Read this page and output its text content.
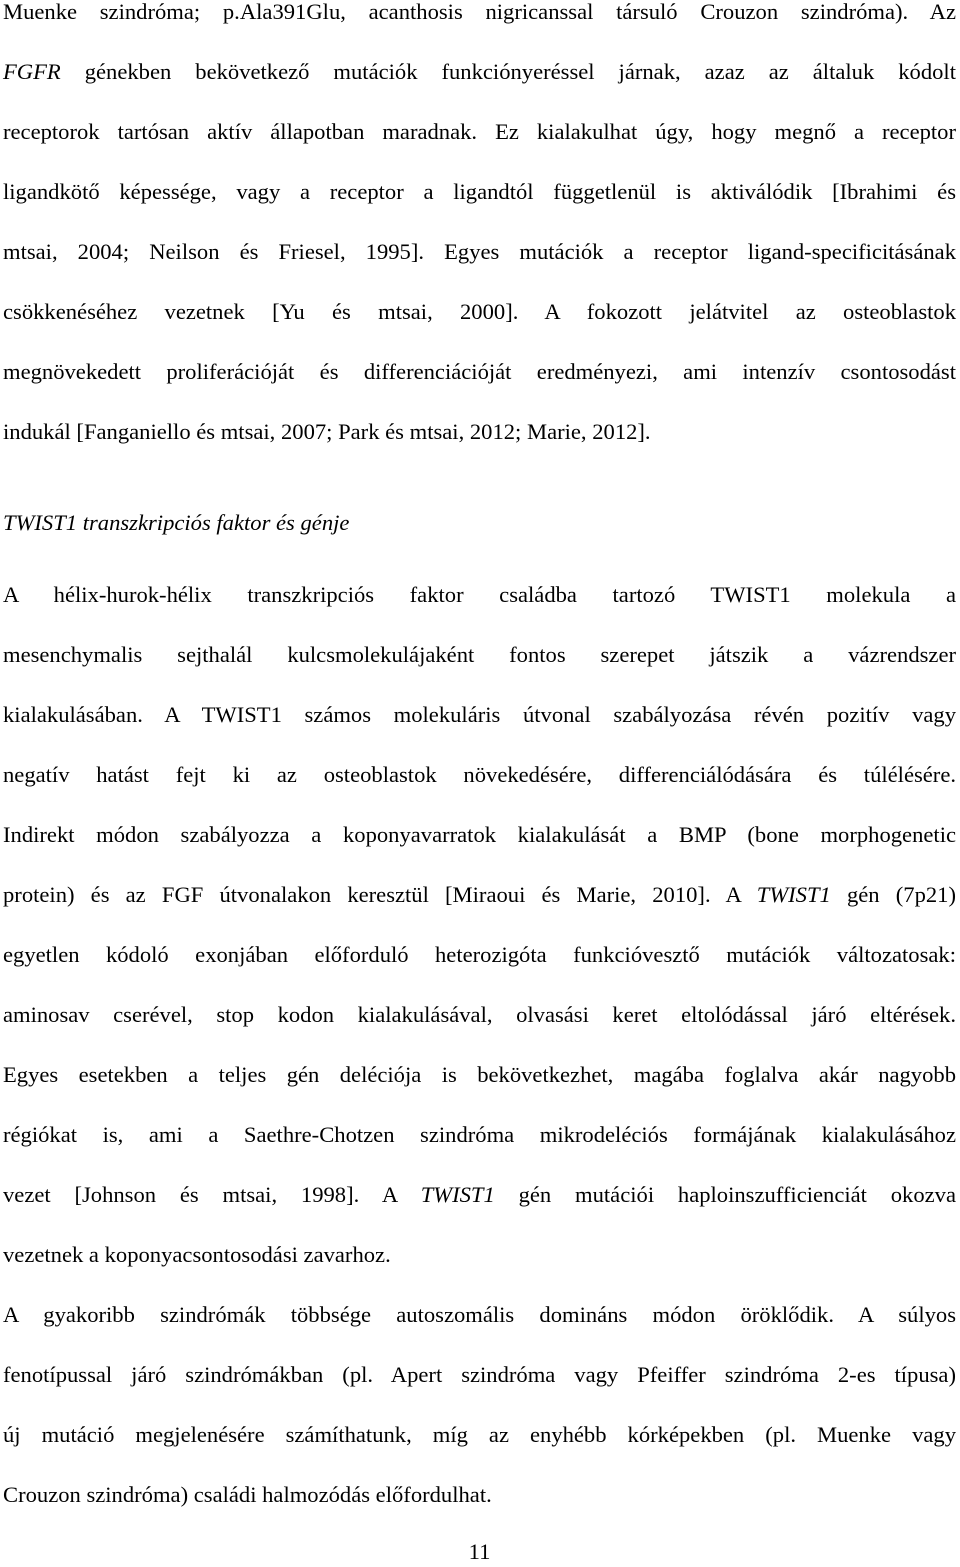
Muenke szindróma; p.Ala391Glu, acanthosis nigricanssal társuló Crouzon szindróma). Az
FGFR génekben bekövetkező mutációk funkciónyeréssel járnak, azaz az általuk kódolt
receptorok tartósan aktív állapotban maradnak. Ez kialakulhat úgy, hogy megnő a receptor
ligandkötő képessége, vagy a receptor a ligandtól függetlenül is aktiválódik [Ibrahimi és
mtsai, 2004; Neilson és Friesel, 1995]. Egyes mutációk a receptor ligand-specificitásának
csökkenéséhez vezetnek [Yu és mtsai, 2000]. A fokozott jelátvitel az osteoblastok
megnövekedett proliferációját és differenciációját eredményezi, ami intenzív csontosodást
indukál [Fanganiello és mtsai, 2007; Park és mtsai, 2012; Marie, 2012].
TWIST1 transzkripciós faktor és génje
A hélix-hurok-hélix transzkripciós faktor családba tartozó TWIST1 molekula a
mesenchymalis sejthalál kulcsmolekulájaként fontos szerepet játszik a vázrendszer
kialakulásában. A TWIST1 számos molekuláris útvonal szabályozása révén pozitív vagy
negatív hatást fejt ki az osteoblastok növekedésére, differenciálódására és túlélésére.
Indirekt módon szabályozza a koponyavarratok kialakulását a BMP (bone morphogenetic
protein) és az FGF útvonalakon keresztül [Miraoui és Marie, 2010]. A TWIST1 gén (7p21)
egyetlen kódoló exonjában előforduló heterozigóta funkcióvesztő mutációk változatosak:
aminosav cserével, stop kodon kialakulásával, olvasási keret eltolódással járó eltérések.
Egyes esetekben a teljes gén deléciója is bekövetkezhet, magába foglalva akár nagyobb
régiókat is, ami a Saethre-Chotzen szindróma mikrodeléciós formájának kialakulásához
vezet [Johnson és mtsai, 1998]. A TWIST1 gén mutációi haploinszufficienciát okozva
vezetnek a koponyacsontosodási zavarhoz.
A gyakoribb szindrómák többsége autoszomális domináns módon öröklődik. A súlyos
fenotípussal járó szindrómákban (pl. Apert szindróma vagy Pfeiffer szindróma 2-es típusa)
új mutáció megjelenésére számíthatunk, míg az enyhébb kórképekben (pl. Muenke vagy
Crouzon szindróma) családi halmozódás előfordulhat.
11
